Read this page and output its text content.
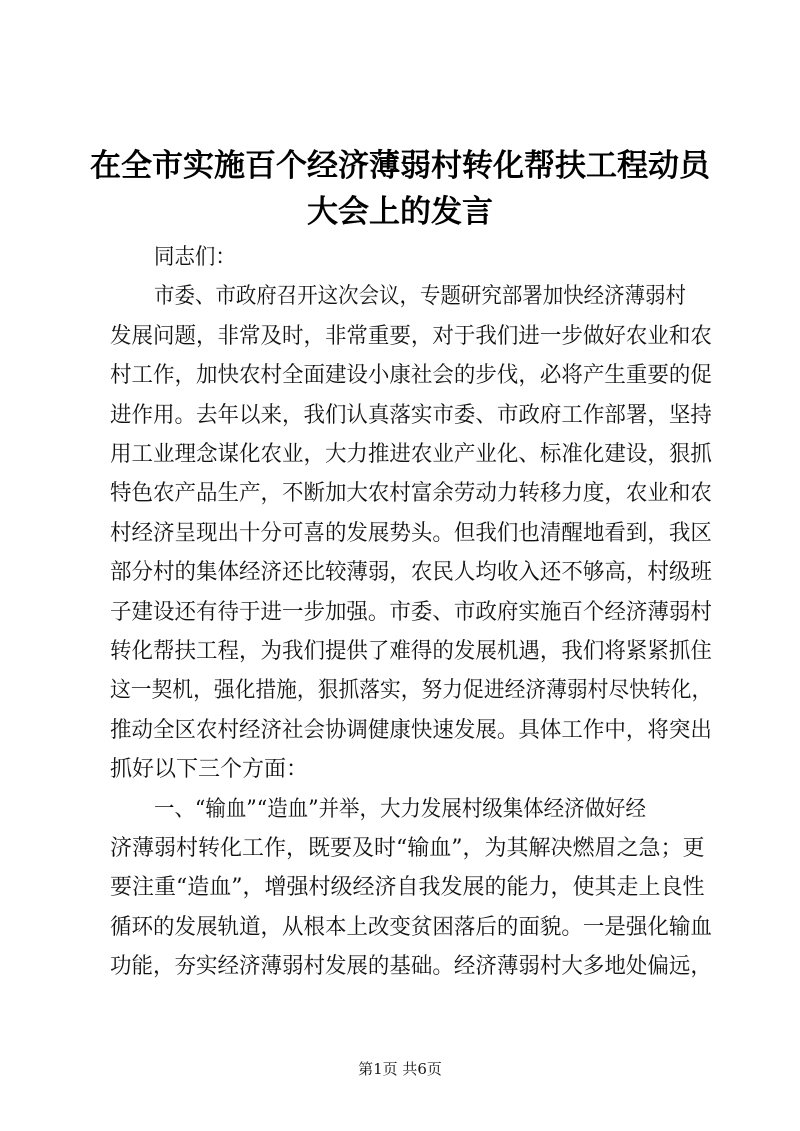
在全市实施百个经济薄弱村转化帮扶工程动员
大会上的发言
同志们：
市委、市政府召开这次会议，专题研究部署加快经济薄弱村
发展问题，非常及时，非常重要，对于我们进一步做好农业和农
村工作，加快农村全面建设小康社会的步伐，必将产生重要的促
进作用。去年以来，我们认真落实市委、市政府工作部署，坚持
用工业理念谋化农业，大力推进农业产业化、标准化建设，狠抓
特色农产品生产，不断加大农村富余劳动力转移力度，农业和农
村经济呈现出十分可喜的发展势头。但我们也清醒地看到，我区
部分村的集体经济还比较薄弱，农民人均收入还不够高，村级班
子建设还有待于进一步加强。市委、市政府实施百个经济薄弱村
转化帮扶工程，为我们提供了难得的发展机遇，我们将紧紧抓住
这一契机，强化措施，狠抓落实，努力促进经济薄弱村尽快转化，
推动全区农村经济社会协调健康快速发展。具体工作中，将突出
抓好以下三个方面：
一、“输血”“造血”并举，大力发展村级集体经济做好经
济薄弱村转化工作，既要及时“输血”，为其解决燃眉之急；更
要注重“造血”，增强村级经济自我发展的能力，使其走上良性
循环的发展轨道，从根本上改变贫困落后的面貌。一是强化输血
功能，夯实经济薄弱村发展的基础。经济薄弱村大多地处偏远，
第1页 共6页
